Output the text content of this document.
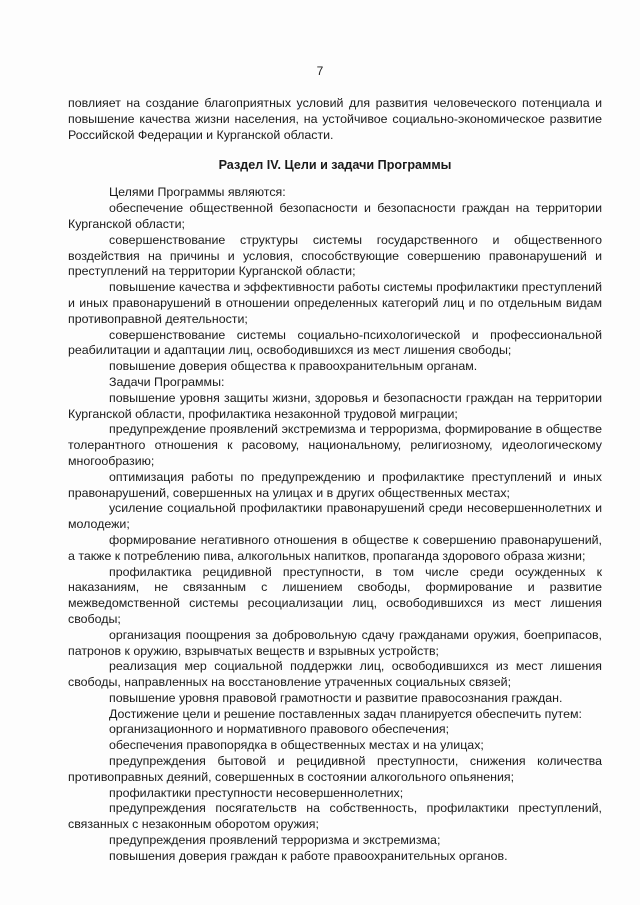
7

повлияет на создание благоприятных условий для развития человеческого потенциала и повышение качества жизни населения, на устойчивое социально-экономическое развитие Российской Федерации и Курганской области.

Раздел IV. Цели и задачи Программы

Целями Программы являются:

обеспечение общественной безопасности и безопасности граждан на территории Курганской области;

совершенствование структуры системы государственного и общественного воздействия на причины и условия, способствующие совершению правонарушений и преступлений на территории Курганской области;

повышение качества и эффективности работы системы профилактики преступлений и иных правонарушений в отношении определенных категорий лиц и по отдельным видам противоправной деятельности;

совершенствование системы социально-психологической и профессиональной реабилитации и адаптации лиц, освободившихся из мест лишения свободы;

повышение доверия общества к правоохранительным органам.

Задачи Программы:

повышение уровня защиты жизни, здоровья и безопасности граждан на территории Курганской области, профилактика незаконной трудовой миграции;

предупреждение проявлений экстремизма и терроризма, формирование в обществе толерантного отношения к расовому, национальному, религиозному, идеологическому многообразию;

оптимизация работы по предупреждению и профилактике преступлений и иных правонарушений, совершенных на улицах и в других общественных местах;

усиление социальной профилактики правонарушений среди несовершеннолетних и молодежи;

формирование негативного отношения в обществе к совершению правонарушений, а также к потреблению пива, алкогольных напитков, пропаганда здорового образа жизни;

профилактика рецидивной преступности, в том числе среди осужденных к наказаниям, не связанным с лишением свободы, формирование и развитие межведомственной системы ресоциализации лиц, освободившихся из мест лишения свободы;

организация поощрения за добровольную сдачу гражданами оружия, боеприпасов, патронов к оружию, взрывчатых веществ и взрывных устройств;

реализация мер социальной поддержки лиц, освободившихся из мест лишения свободы, направленных на восстановление утраченных социальных связей;

повышение уровня правовой грамотности и развитие правосознания граждан.

Достижение цели и решение поставленных задач планируется обеспечить путем:

организационного и нормативного правового обеспечения;

обеспечения правопорядка в общественных местах и на улицах;

предупреждения бытовой и рецидивной преступности, снижения количества противоправных деяний, совершенных в состоянии алкогольного опьянения;

профилактики преступности несовершеннолетних;

предупреждения посягательств на собственность, профилактики преступлений, связанных с незаконным оборотом оружия;

предупреждения проявлений терроризма и экстремизма;

повышения доверия граждан к работе правоохранительных органов.
